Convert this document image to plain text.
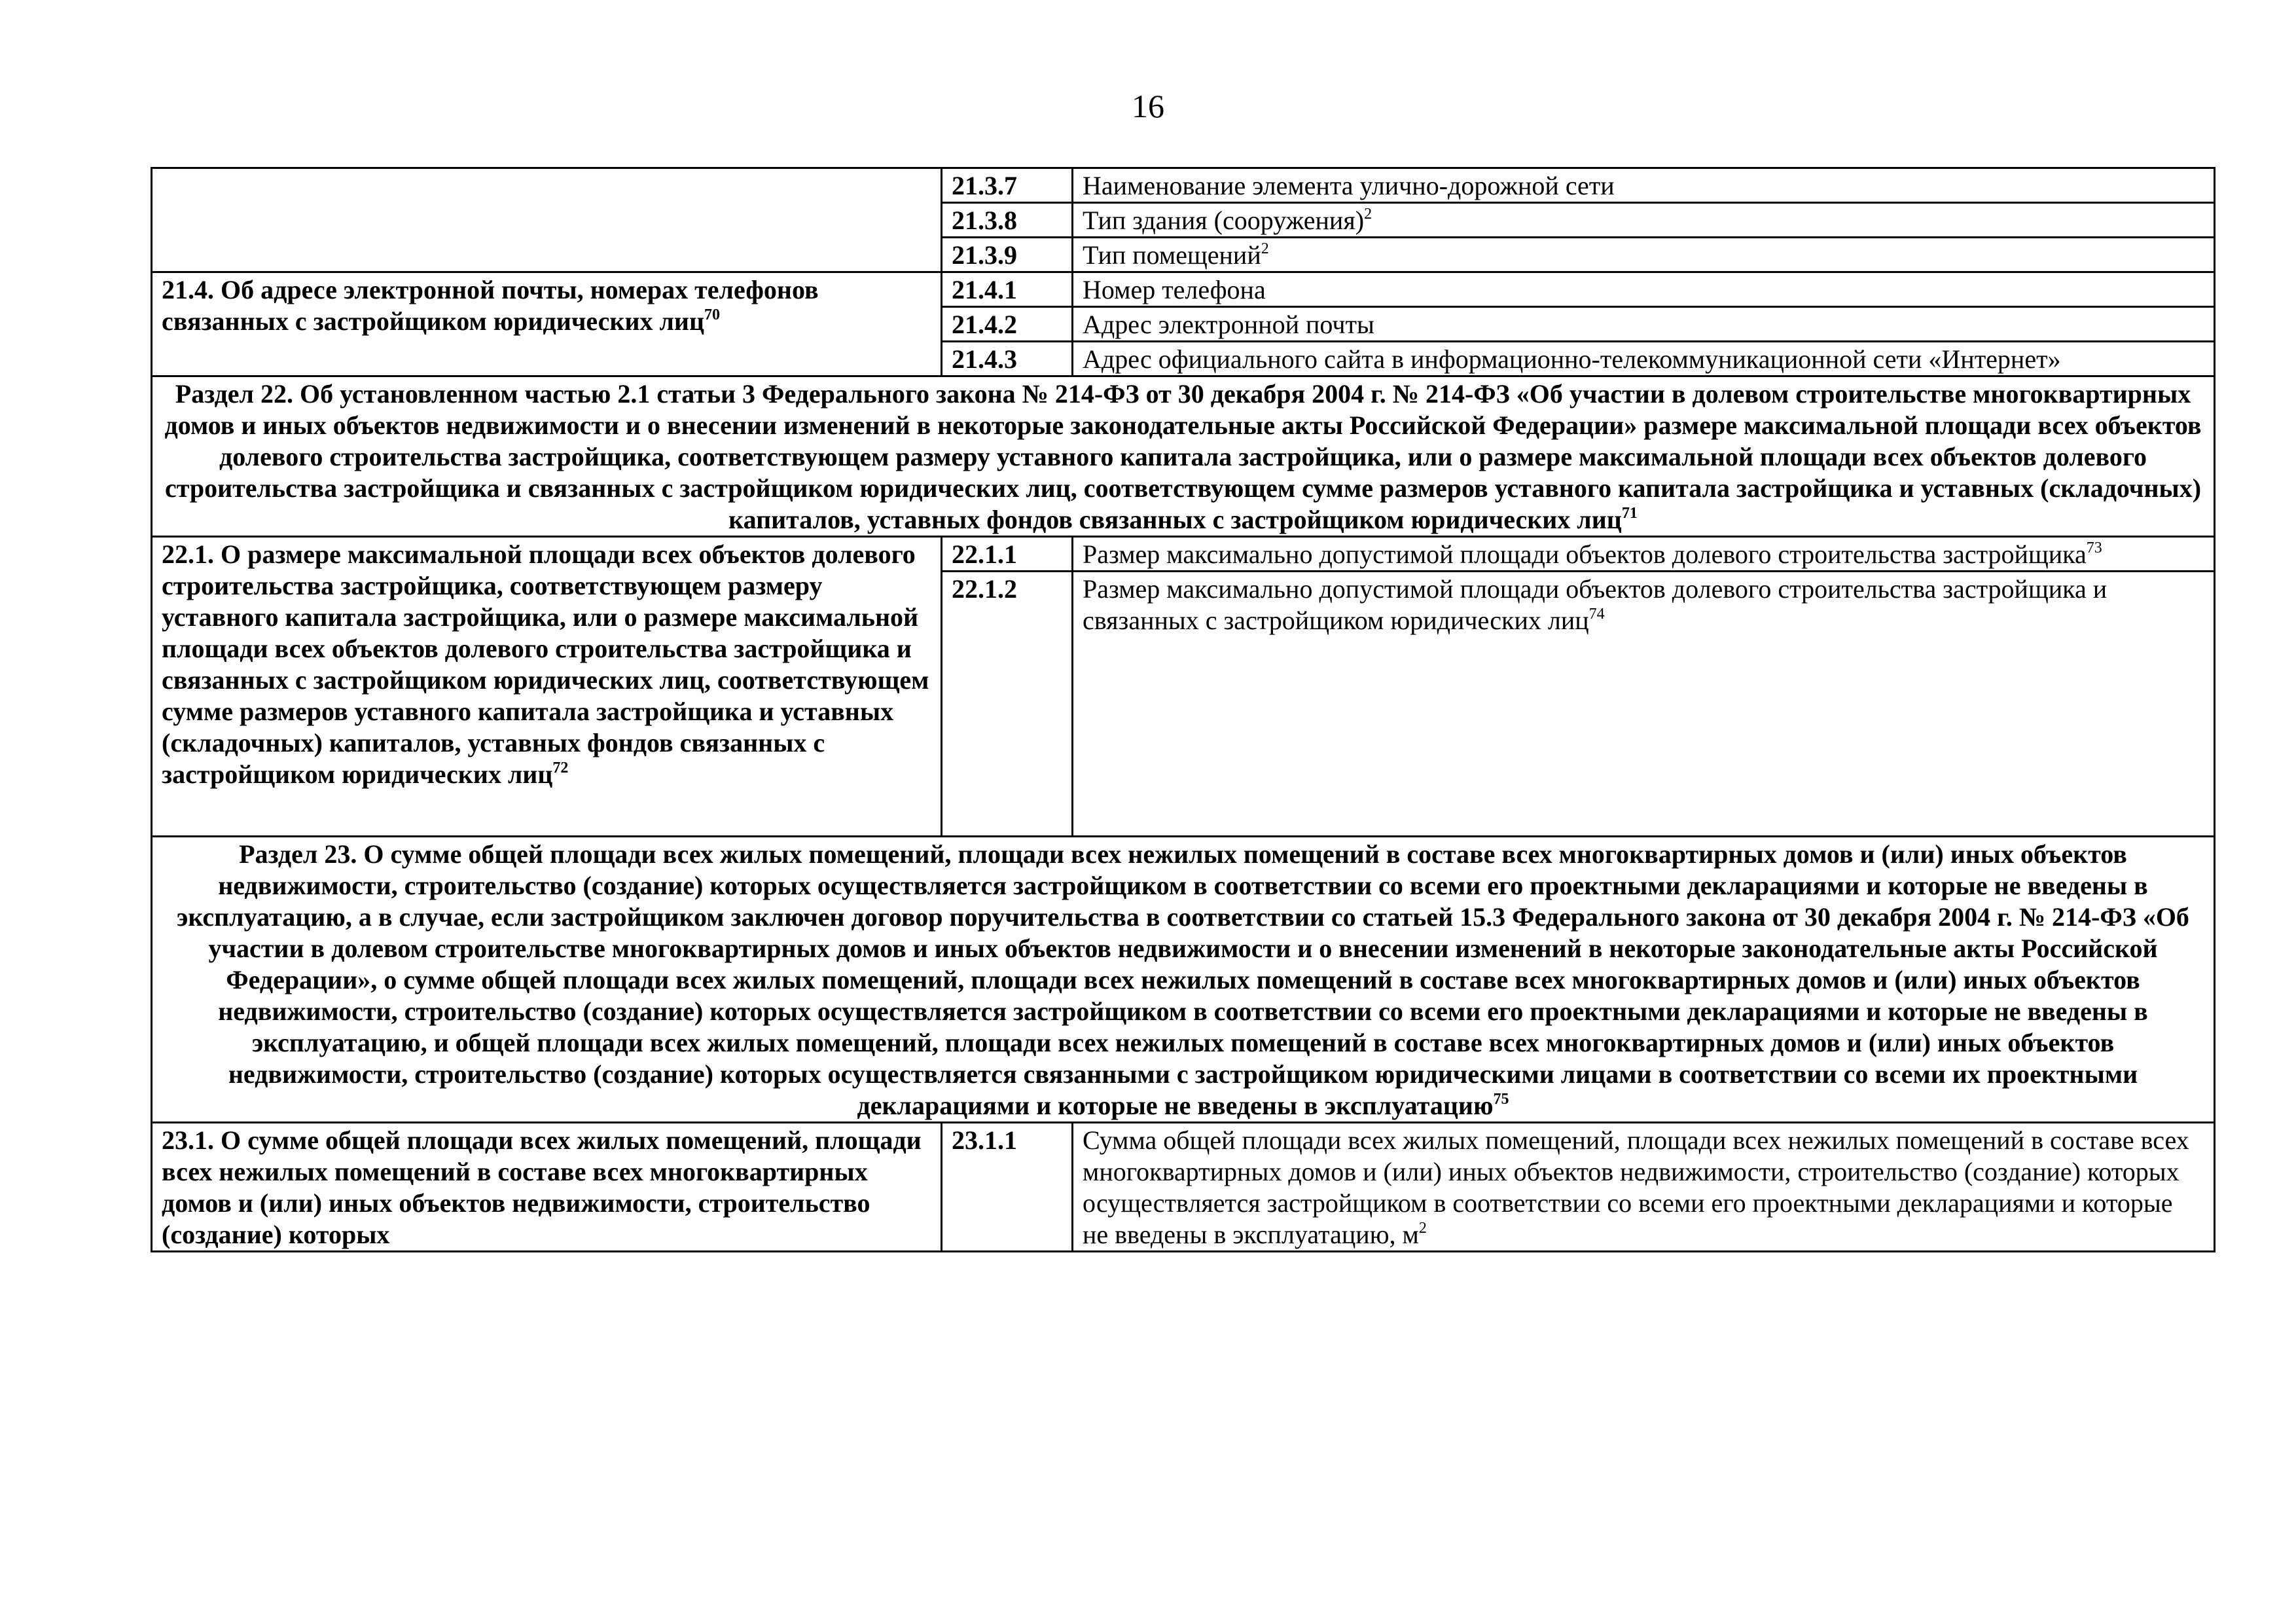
16
	21.3.7	Наименование элемента улично-дорожной сети
	21.3.8	Тип здания (сооружения)$^2$
	21.3.9	Тип помещений$^2$
21.4. Об адресе электронной почты, номерах телефонов связанных с застройщиком юридических лиц$^{70}$	21.4.1	Номер телефона
	21.4.2	Адрес электронной почты
	21.4.3	Адрес официального сайта в информационно-телекоммуникационной сети «Интернет»
Раздел 22. Об установленном частью 2.1 статьи 3 Федерального закона № 214-ФЗ от 30 декабря 2004 г. № 214-ФЗ «Об участии в долевом строительстве многоквартирных домов и иных объектов недвижимости и о внесении изменений в некоторые законодательные акты Российской Федерации» размере максимальной площади всех объектов долевого строительства застройщика, соответствующем размеру уставного капитала застройщика, или о размере максимальной площади всех объектов долевого строительства застройщика и связанных с застройщиком юридических лиц, соответствующем сумме размеров уставного капитала застройщика и уставных (складочных) капиталов, уставных фондов связанных с застройщиком юридических лиц$^{71}$
22.1. О размере максимальной площади всех объектов долевого строительства застройщика, соответствующем размеру уставного капитала застройщика, или о размере максимальной площади всех объектов долевого строительства застройщика и связанных с застройщиком юридических лиц, соответствующем сумме размеров уставного капитала застройщика и уставных (складочных) капиталов, уставных фондов связанных с застройщиком юридических лиц$^{72}$	22.1.1	Размер максимально допустимой площади объектов долевого строительства застройщика$^{73}$
	22.1.2	Размер максимально допустимой площади объектов долевого строительства застройщика и связанных с застройщиком юридических лиц$^{74}$
Раздел 23. О сумме общей площади всех жилых помещений, площади всех нежилых помещений в составе всех многоквартирных домов и (или) иных объектов недвижимости, строительство (создание) которых осуществляется застройщиком в соответствии со всеми его проектными декларациями и которые не введены в эксплуатацию, а в случае, если застройщиком заключен договор поручительства в соответствии со статьей 15.3 Федерального закона от 30 декабря 2004 г. № 214-ФЗ «Об участии в долевом строительстве многоквартирных домов и иных объектов недвижимости и о внесении изменений в некоторые законодательные акты Российской Федерации», о сумме общей площади всех жилых помещений, площади всех нежилых помещений в составе всех многоквартирных домов и (или) иных объектов недвижимости, строительство (создание) которых осуществляется застройщиком в соответствии со всеми его проектными декларациями и которые не введены в эксплуатацию, и общей площади всех жилых помещений, площади всех нежилых помещений в составе всех многоквартирных домов и (или) иных объектов недвижимости, строительство (создание) которых осуществляется связанными с застройщиком юридическими лицами в соответствии со всеми их проектными декларациями и которые не введены в эксплуатацию$^{75}$
23.1. О сумме общей площади всех жилых помещений, площади всех нежилых помещений в составе всех многоквартирных домов и (или) иных объектов недвижимости, строительство (создание) которых	23.1.1	Сумма общей площади всех жилых помещений, площади всех нежилых помещений в составе всех многоквартирных домов и (или) иных объектов недвижимости, строительство (создание) которых осуществляется застройщиком в соответствии со всеми его проектными декларациями и которые не введены в эксплуатацию, $м^2$
